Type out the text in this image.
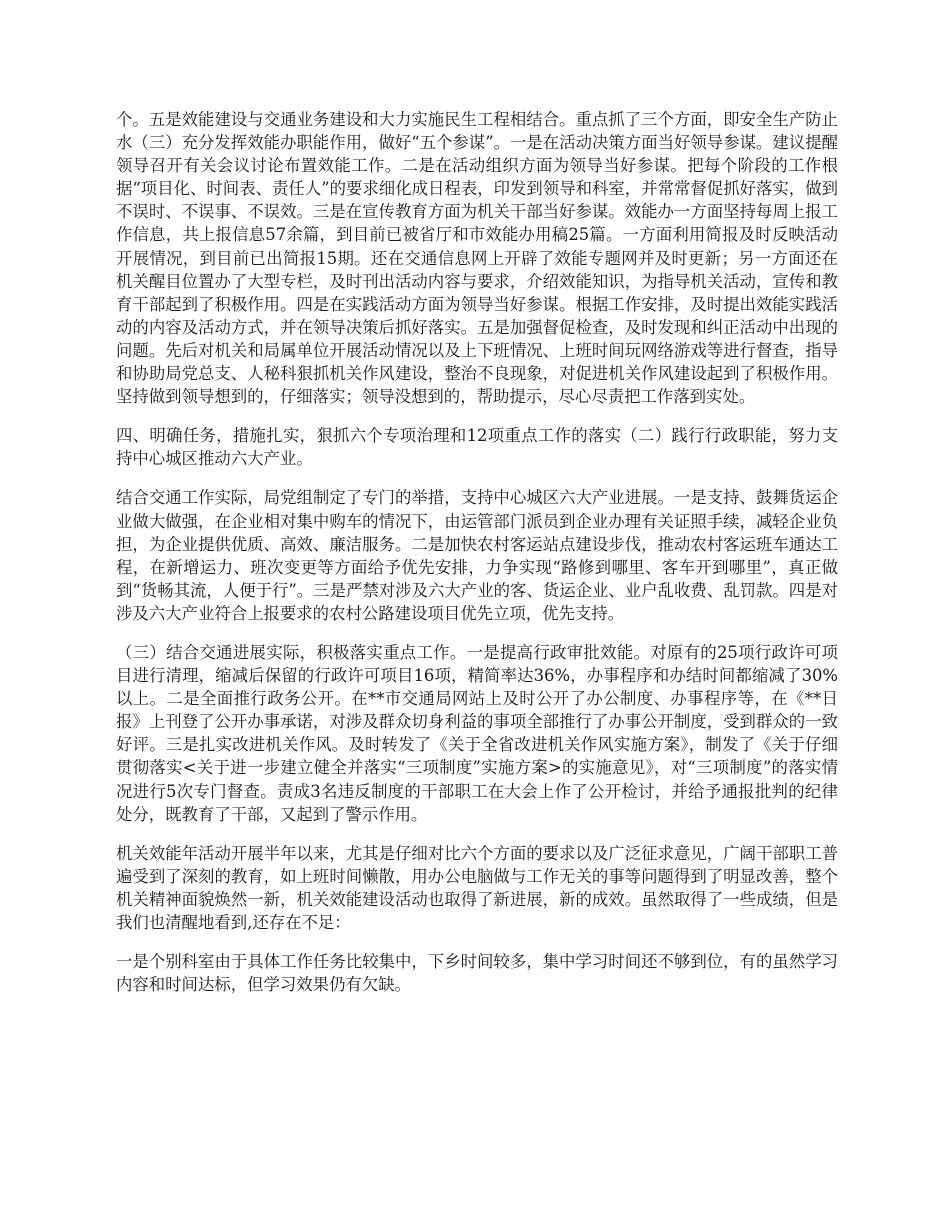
个。五是效能建设与交通业务建设和大力实施民生工程相结合。重点抓了三个方面，即安全生产防止水（三）充分发挥效能办职能作用，做好“五个参谋”。一是在活动决策方面当好领导参谋。建议提醒领导召开有关会议讨论布置效能工作。二是在活动组织方面为领导当好参谋。把每个阶段的工作根据“项目化、时间表、责任人”的要求细化成日程表，印发到领导和科室，并常常督促抓好落实，做到不误时、不误事、不误效。三是在宣传教育方面为机关干部当好参谋。效能办一方面坚持每周上报工作信息，共上报信息57余篇，到目前已被省厅和市效能办用稿25篇。一方面利用简报及时反映活动开展情况，到目前已出简报15期。还在交通信息网上开辟了效能专题网并及时更新；另一方面还在机关醒目位置办了大型专栏，及时刊出活动内容与要求，介绍效能知识，为指导机关活动，宣传和教育干部起到了积极作用。四是在实践活动方面为领导当好参谋。根据工作安排，及时提出效能实践活动的内容及活动方式，并在领导决策后抓好落实。五是加强督促检查，及时发现和纠正活动中出现的问题。先后对机关和局属单位开展活动情况以及上下班情况、上班时间玩网络游戏等进行督查，指导和协助局党总支、人秘科狠抓机关作风建设，整治不良现象，对促进机关作风建设起到了积极作用。坚持做到领导想到的，仔细落实；领导没想到的，帮助提示，尽心尽责把工作落到实处。

四、明确任务，措施扎实，狠抓六个专项治理和12项重点工作的落实（二）践行行政职能，努力支持中心城区推动六大产业。

结合交通工作实际，局党组制定了专门的举措，支持中心城区六大产业进展。一是支持、鼓舞货运企业做大做强，在企业相对集中购车的情况下，由运管部门派员到企业办理有关证照手续，减轻企业负担，为企业提供优质、高效、廉洁服务。二是加快农村客运站点建设步伐，推动农村客运班车通达工程，在新增运力、班次变更等方面给予优先安排，力争实现“路修到哪里、客车开到哪里”，真正做到“货畅其流，人便于行”。三是严禁对涉及六大产业的客、货运企业、业户乱收费、乱罚款。四是对涉及六大产业符合上报要求的农村公路建设项目优先立项，优先支持。

（三）结合交通进展实际，积极落实重点工作。一是提高行政审批效能。对原有的25项行政许可项目进行清理，缩减后保留的行政许可项目16项，精简率达36%，办事程序和办结时间都缩减了30%以上。二是全面推行政务公开。在**市交通局网站上及时公开了办公制度、办事程序等，在《**日报》上刊登了公开办事承诺，对涉及群众切身利益的事项全部推行了办事公开制度，受到群众的一致好评。三是扎实改进机关作风。及时转发了《关于全省改进机关作风实施方案》，制发了《关于仔细贯彻落实<关于进一步建立健全并落实“三项制度”实施方案>的实施意见》，对“三项制度”的落实情况进行5次专门督查。责成3名违反制度的干部职工在大会上作了公开检讨，并给予通报批判的纪律处分，既教育了干部，又起到了警示作用。

机关效能年活动开展半年以来，尤其是仔细对比六个方面的要求以及广泛征求意见，广阔干部职工普遍受到了深刻的教育，如上班时间懒散，用办公电脑做与工作无关的事等问题得到了明显改善，整个机关精神面貌焕然一新，机关效能建设活动也取得了新进展，新的成效。虽然取得了一些成绩，但是我们也清醒地看到,还存在不足：

一是个别科室由于具体工作任务比较集中，下乡时间较多，集中学习时间还不够到位，有的虽然学习内容和时间达标，但学习效果仍有欠缺。
